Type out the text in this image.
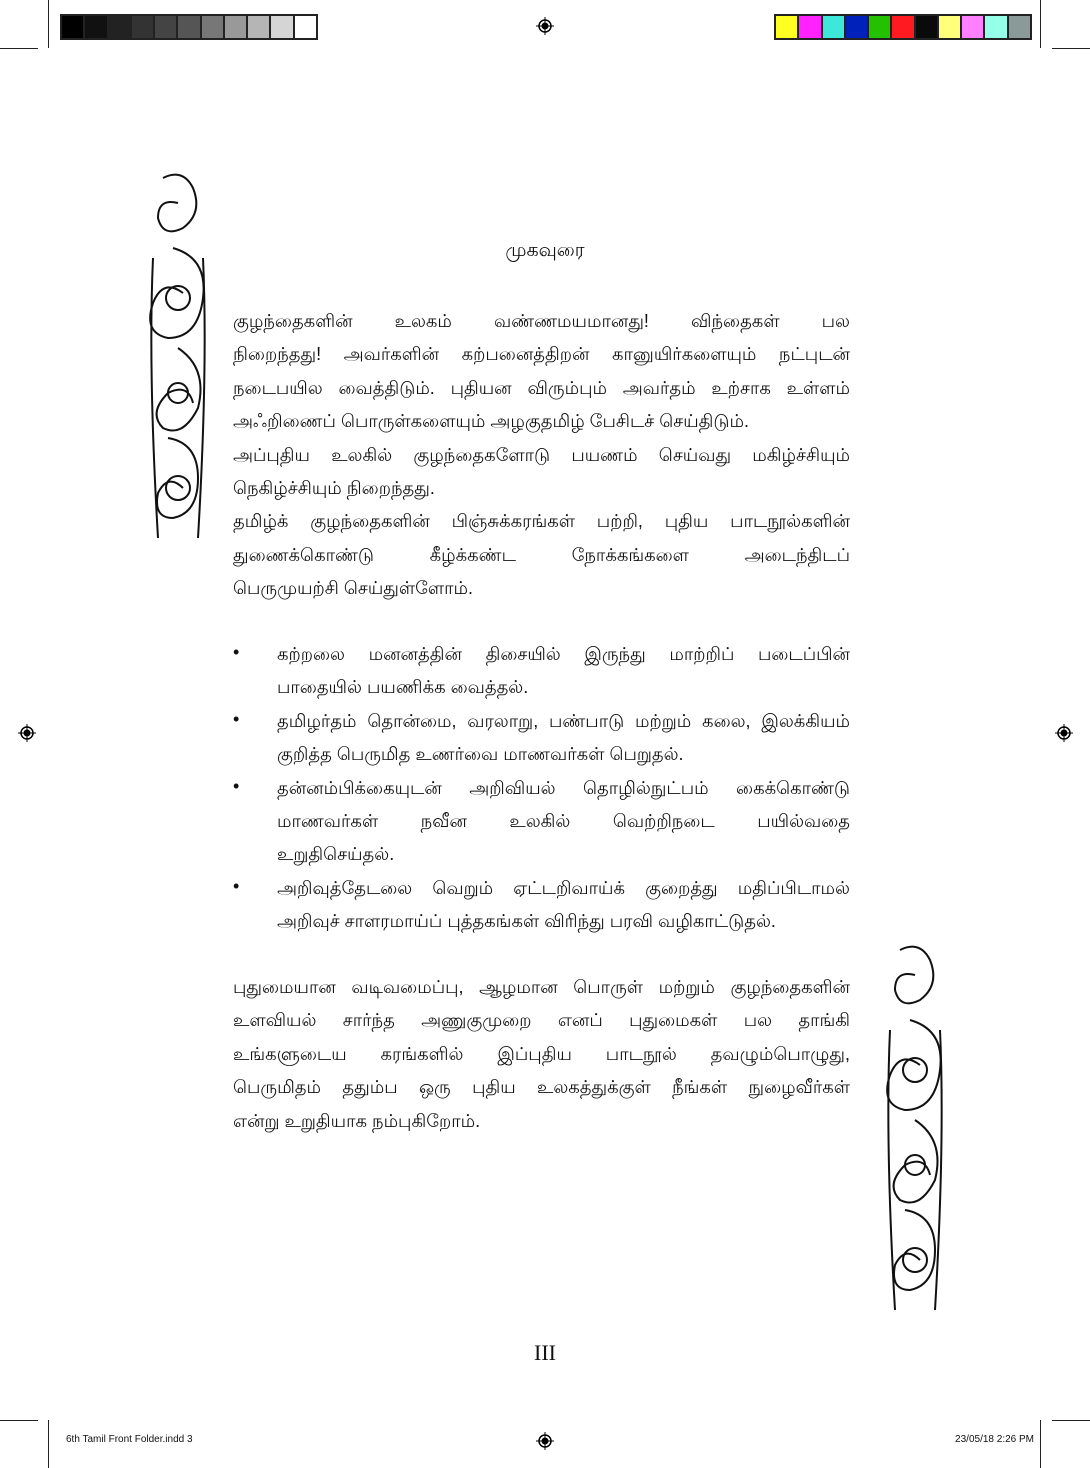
முகவுரை
குழந்தைகளின் உலகம் வண்ணமயமானது! விந்தைகள் பல
நிறைந்தது! அவர்களின் கற்பனைத்திறன் கானுயிர்களையும் நட்புடன்
நடைபயில வைத்திடும். புதியன விரும்பும் அவர்தம் உற்சாக உள்ளம்
அஃறிணைப் பொருள்களையும் அழகுதமிழ் பேசிடச் செய்திடும்.
அப்புதிய உலகில் குழந்தைகளோடு பயணம் செய்வது மகிழ்ச்சியும்
நெகிழ்ச்சியும் நிறைந்தது.
தமிழ்க் குழந்தைகளின் பிஞ்சுக்கரங்கள் பற்றி, புதிய பாடநூல்களின்
துணைக்கொண்டு கீழ்க்கண்ட நோக்கங்களை அடைந்திடப்
பெருமுயற்சி செய்துள்ளோம்.
• கற்றலை மனனத்தின் திசையில் இருந்து மாற்றிப் படைப்பின்
பாதையில் பயணிக்க வைத்தல்.
• தமிழர்தம் தொன்மை, வரலாறு, பண்பாடு மற்றும் கலை, இலக்கியம்
குறித்த பெருமித உணர்வை மாணவர்கள் பெறுதல்.
• தன்னம்பிக்கையுடன் அறிவியல் தொழில்நுட்பம் கைக்கொண்டு
மாணவர்கள் நவீன உலகில் வெற்றிநடை பயில்வதை
உறுதிசெய்தல்.
• அறிவுத்தேடலை வெறும் ஏட்டறிவாய்க் குறைத்து மதிப்பிடாமல்
அறிவுச் சாளரமாய்ப் புத்தகங்கள் விரிந்து பரவி வழிகாட்டுதல்.
புதுமையான வடிவமைப்பு, ஆழமான பொருள் மற்றும் குழந்தைகளின்
உளவியல் சார்ந்த அணுகுமுறை எனப் புதுமைகள் பல தாங்கி
உங்களுடைய கரங்களில் இப்புதிய பாடநூல் தவழும்பொழுது,
பெருமிதம் ததும்ப ஒரு புதிய உலகத்துக்குள் நீங்கள் நுழைவீர்கள்
என்று உறுதியாக நம்புகிறோம்.
III
6th Tamil Front Folder.indd 3	23/05/18 2:26 PM
